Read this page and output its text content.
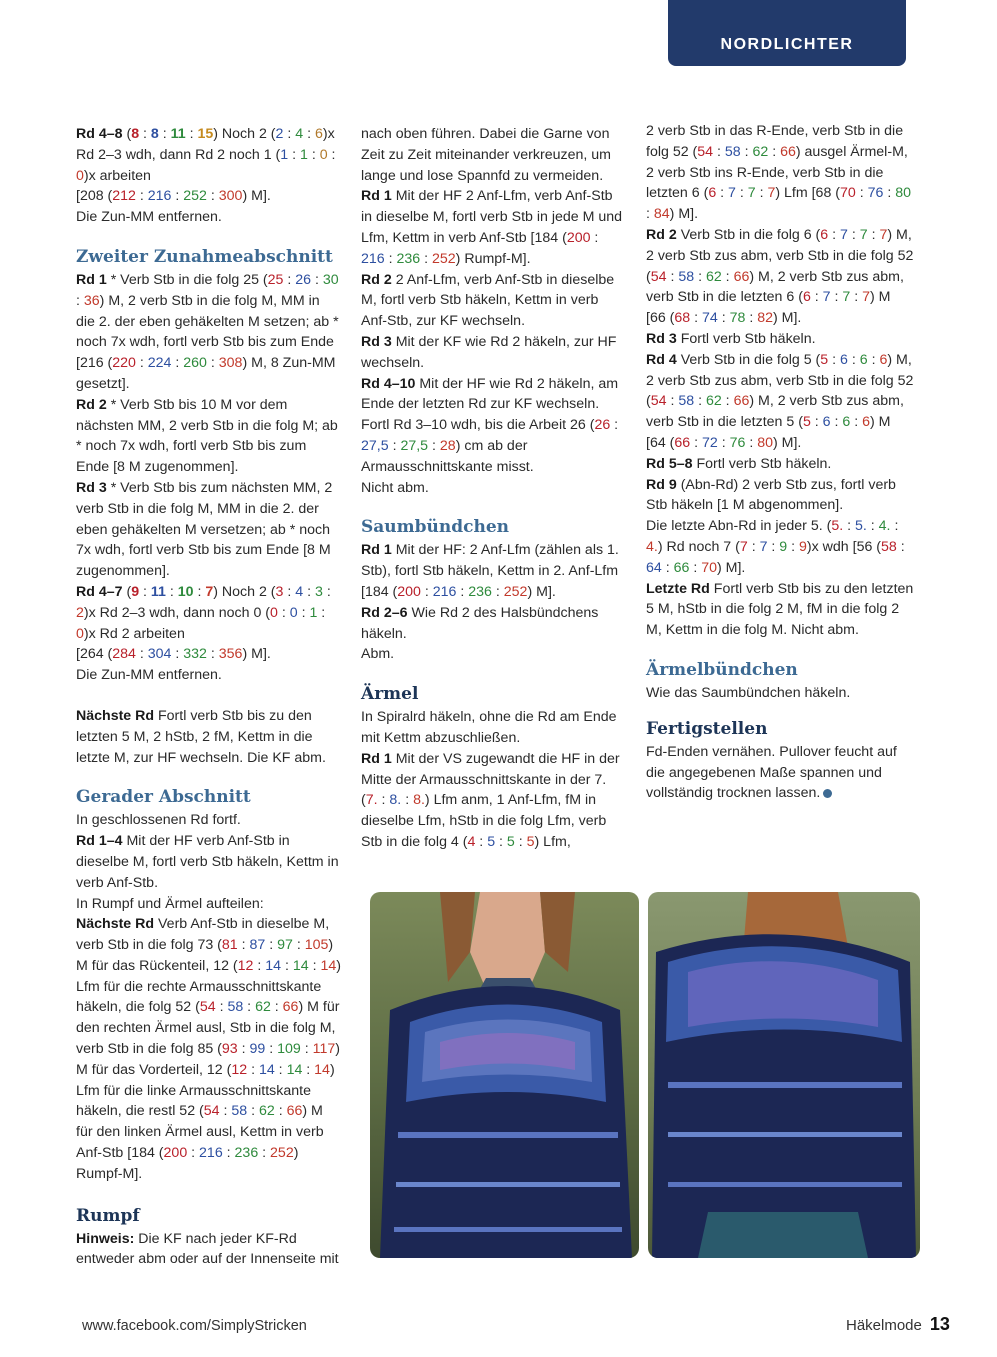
NORDLICHTER

Rd 4–8 (8 : 8 : 11 : 15) Noch 2 (2 : 4 : 6)x Rd 2–3 wdh, dann Rd 2 noch 1 (1 : 1 : 0 : 0)x arbeiten
[208 (212 : 216 : 252 : 300) M].
Die Zun-MM entfernen.

Zweiter Zunahmeabschnitt

Rd 1 * Verb Stb in die folg 25 (25 : 26 : 30 : 36) M, 2 verb Stb in die folg M, MM in die 2. der eben gehäkelten M setzen; ab * noch 7x wdh, fortl verb Stb bis zum Ende [216 (220 : 224 : 260 : 308) M, 8 Zun-MM gesetzt].

Rd 2 * Verb Stb bis 10 M vor dem nächsten MM, 2 verb Stb in die folg M; ab * noch 7x wdh, fortl verb Stb bis zum Ende [8 M zugenommen].

Rd 3 * Verb Stb bis zum nächsten MM, 2 verb Stb in die folg M, MM in die 2. der eben gehäkelten M versetzen; ab * noch 7x wdh, fortl verb Stb bis zum Ende [8 M zugenommen].

Rd 4–7 (9 : 11 : 10 : 7) Noch 2 (3 : 4 : 3 : 2)x Rd 2–3 wdh, dann noch 0 (0 : 0 : 1 : 0)x Rd 2 arbeiten
[264 (284 : 304 : 332 : 356) M].
Die Zun-MM entfernen.

Nächste Rd Fortl verb Stb bis zu den letzten 5 M, 2 hStb, 2 fM, Kettm in die letzte M, zur HF wechseln. Die KF abm.

Gerader Abschnitt

In geschlossenen Rd fortf.

Rd 1–4 Mit der HF verb Anf-Stb in dieselbe M, fortl verb Stb häkeln, Kettm in verb Anf-Stb.

In Rumpf und Ärmel aufteilen:

Nächste Rd Verb Anf-Stb in dieselbe M, verb Stb in die folg 73 (81 : 87 : 97 : 105) M für das Rückenteil, 12 (12 : 14 : 14 : 14) Lfm für die rechte Armausschnittskante häkeln, die folg 52 (54 : 58 : 62 : 66) M für den rechten Ärmel ausl, Stb in die folg M, verb Stb in die folg 85 (93 : 99 : 109 : 117) M für das Vorderteil, 12 (12 : 14 : 14 : 14) Lfm für die linke Armausschnittskante häkeln, die restl 52 (54 : 58 : 62 : 66) M für den linken Ärmel ausl, Kettm in verb Anf-Stb [184 (200 : 216 : 236 : 252) Rumpf-M].

Rumpf

Hinweis: Die KF nach jeder KF-Rd entweder abm oder auf der Innenseite mit

nach oben führen. Dabei die Garne von Zeit zu Zeit miteinander verkreuzen, um lange und lose Spannfd zu vermeiden.

Rd 1 Mit der HF 2 Anf-Lfm, verb Anf-Stb in dieselbe M, fortl verb Stb in jede M und Lfm, Kettm in verb Anf-Stb [184 (200 : 216 : 236 : 252) Rumpf-M].

Rd 2 2 Anf-Lfm, verb Anf-Stb in dieselbe M, fortl verb Stb häkeln, Kettm in verb Anf-Stb, zur KF wechseln.

Rd 3 Mit der KF wie Rd 2 häkeln, zur HF wechseln.

Rd 4–10 Mit der HF wie Rd 2 häkeln, am Ende der letzten Rd zur KF wechseln.

Fortl Rd 3–10 wdh, bis die Arbeit 26 (26 : 27,5 : 27,5 : 28) cm ab der Armausschnittskante misst.

Nicht abm.

Saumbündchen

Rd 1 Mit der HF: 2 Anf-Lfm (zählen als 1. Stb), fortl Stb häkeln, Kettm in 2. Anf-Lfm [184 (200 : 216 : 236 : 252) M].

Rd 2–6 Wie Rd 2 des Halsbündchens häkeln.

Abm.

Ärmel

In Spiralrd häkeln, ohne die Rd am Ende mit Kettm abzuschließen.

Rd 1 Mit der VS zugewandt die HF in der Mitte der Armausschnittskante in der 7. (7. : 8. : 8.) Lfm anm, 1 Anf-Lfm, fM in dieselbe Lfm, hStb in die folg Lfm, verb Stb in die folg 4 (4 : 5 : 5 : 5) Lfm,

2 verb Stb in das R-Ende, verb Stb in die folg 52 (54 : 58 : 62 : 66) ausgel Ärmel-M, 2 verb Stb ins R-Ende, verb Stb in die letzten 6 (6 : 7 : 7 : 7) Lfm [68 (70 : 76 : 80 : 84) M].

Rd 2 Verb Stb in die folg 6 (6 : 7 : 7 : 7) M, 2 verb Stb zus abm, verb Stb in die folg 52 (54 : 58 : 62 : 66) M, 2 verb Stb zus abm, verb Stb in die letzten 6 (6 : 7 : 7 : 7) M [66 (68 : 74 : 78 : 82) M].

Rd 3 Fortl verb Stb häkeln.

Rd 4 Verb Stb in die folg 5 (5 : 6 : 6 : 6) M, 2 verb Stb zus abm, verb Stb in die folg 52 (54 : 58 : 62 : 66) M, 2 verb Stb zus abm, verb Stb in die letzten 5 (5 : 6 : 6 : 6) M [64 (66 : 72 : 76 : 80) M].

Rd 5–8 Fortl verb Stb häkeln.

Rd 9 (Abn-Rd) 2 verb Stb zus, fortl verb Stb häkeln [1 M abgenommen].

Die letzte Abn-Rd in jeder 5. (5. : 5. : 4. : 4.) Rd noch 7 (7 : 7 : 9 : 9)x wdh [56 (58 : 64 : 66 : 70) M].

Letzte Rd Fortl verb Stb bis zu den letzten 5 M, hStb in die folg 2 M, fM in die folg 2 M, Kettm in die folg M. Nicht abm.

Ärmelbündchen

Wie das Saumbündchen häkeln.

Fertigstellen

Fd-Enden vernähen. Pullover feucht auf die angegebenen Maße spannen und vollständig trocknen lassen.

www.facebook.com/SimplyStricken	Häkelmode 13
